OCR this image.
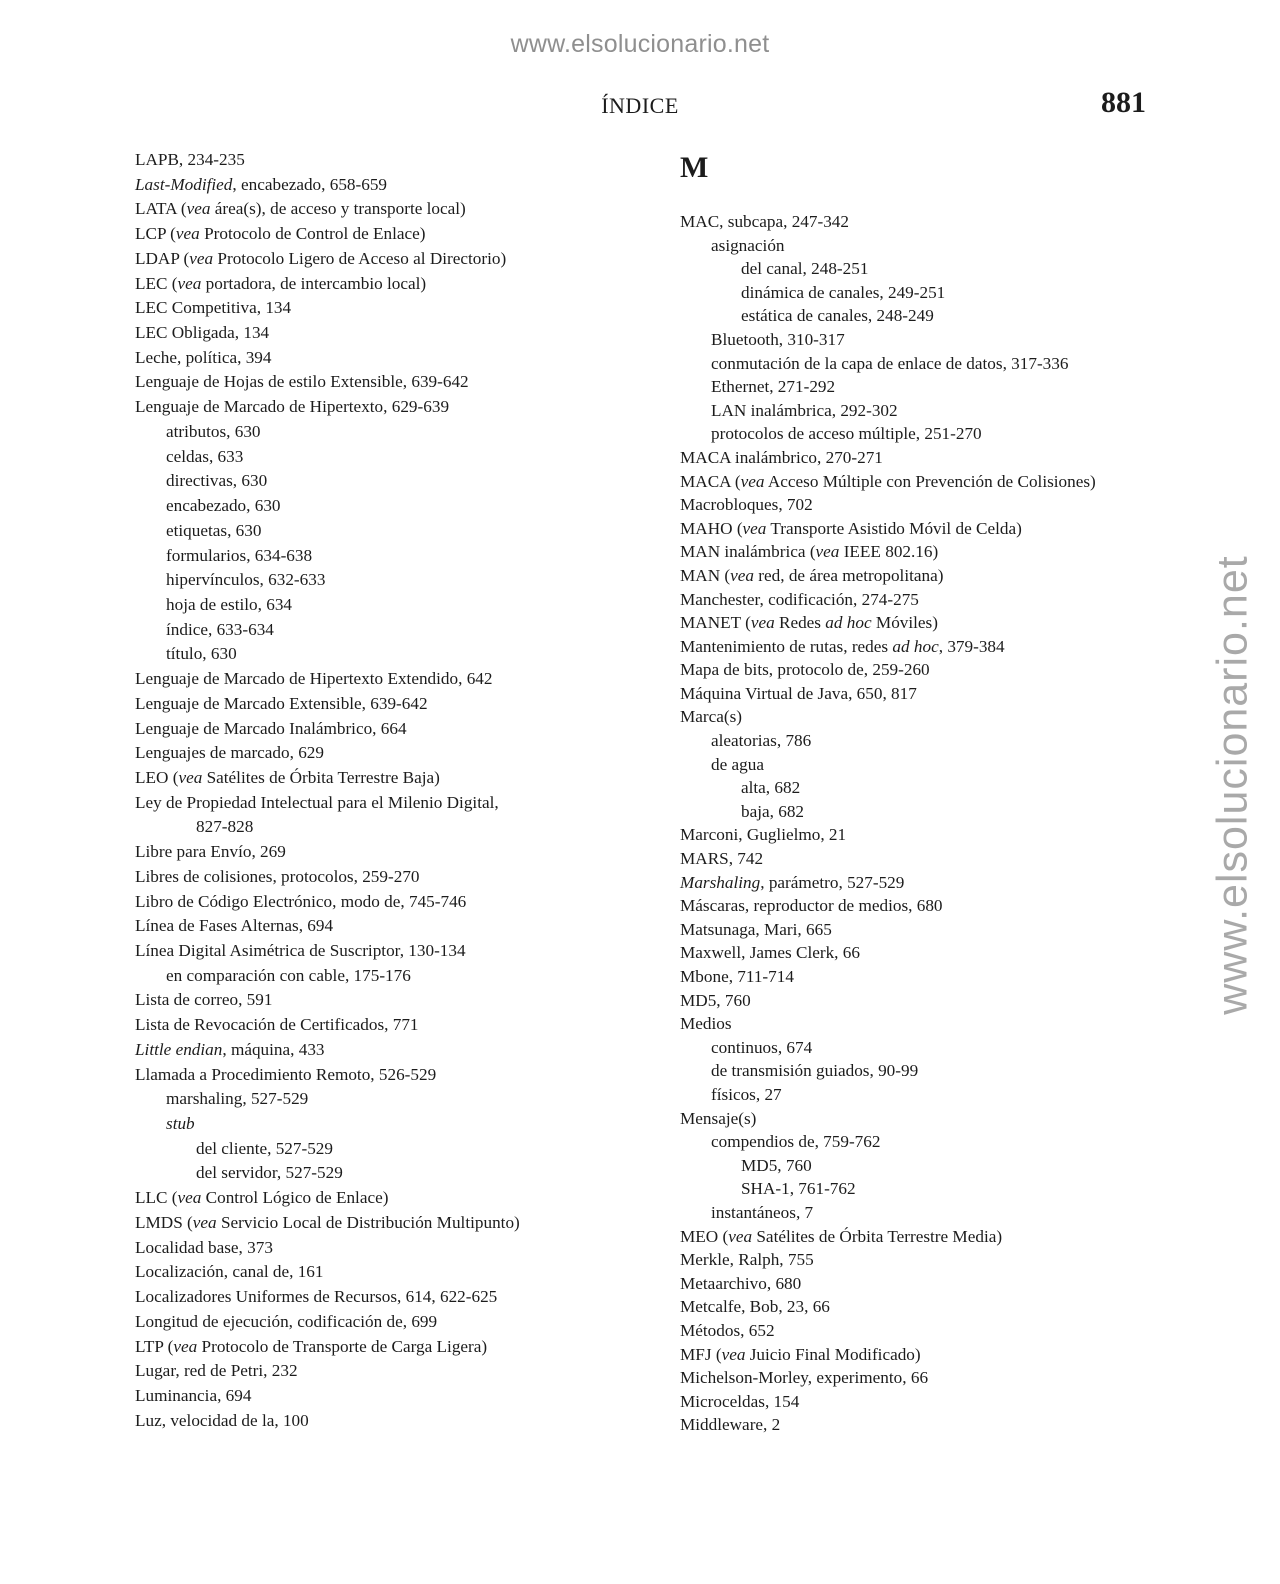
www.elsolucionario.net
www.elsolucionario.net
ÍNDICE	881
LAPB, 234-235
Last-Modified, encabezado, 658-659
LATA (vea área(s), de acceso y transporte local)
LCP (vea Protocolo de Control de Enlace)
LDAP (vea Protocolo Ligero de Acceso al Directorio)
LEC (vea portadora, de intercambio local)
LEC Competitiva, 134
LEC Obligada, 134
Leche, política, 394
Lenguaje de Hojas de estilo Extensible, 639-642
Lenguaje de Marcado de Hipertexto, 629-639
atributos, 630
celdas, 633
directivas, 630
encabezado, 630
etiquetas, 630
formularios, 634-638
hipervínculos, 632-633
hoja de estilo, 634
índice, 633-634
título, 630
Lenguaje de Marcado de Hipertexto Extendido, 642
Lenguaje de Marcado Extensible, 639-642
Lenguaje de Marcado Inalámbrico, 664
Lenguajes de marcado, 629
LEO (vea Satélites de Órbita Terrestre Baja)
Ley de Propiedad Intelectual para el Milenio Digital,
827-828
Libre para Envío, 269
Libres de colisiones, protocolos, 259-270
Libro de Código Electrónico, modo de, 745-746
Línea de Fases Alternas, 694
Línea Digital Asimétrica de Suscriptor, 130-134
en comparación con cable, 175-176
Lista de correo, 591
Lista de Revocación de Certificados, 771
Little endian, máquina, 433
Llamada a Procedimiento Remoto, 526-529
marshaling, 527-529
stub
del cliente, 527-529
del servidor, 527-529
LLC (vea Control Lógico de Enlace)
LMDS (vea Servicio Local de Distribución Multipunto)
Localidad base, 373
Localización, canal de, 161
Localizadores Uniformes de Recursos, 614, 622-625
Longitud de ejecución, codificación de, 699
LTP (vea Protocolo de Transporte de Carga Ligera)
Lugar, red de Petri, 232
Luminancia, 694
Luz, velocidad de la, 100
M
MAC, subcapa, 247-342
asignación
del canal, 248-251
dinámica de canales, 249-251
estática de canales, 248-249
Bluetooth, 310-317
conmutación de la capa de enlace de datos, 317-336
Ethernet, 271-292
LAN inalámbrica, 292-302
protocolos de acceso múltiple, 251-270
MACA inalámbrico, 270-271
MACA (vea Acceso Múltiple con Prevención de Colisiones)
Macrobloques, 702
MAHO (vea Transporte Asistido Móvil de Celda)
MAN inalámbrica (vea IEEE 802.16)
MAN (vea red, de área metropolitana)
Manchester, codificación, 274-275
MANET (vea Redes ad hoc Móviles)
Mantenimiento de rutas, redes ad hoc, 379-384
Mapa de bits, protocolo de, 259-260
Máquina Virtual de Java, 650, 817
Marca(s)
aleatorias, 786
de agua
alta, 682
baja, 682
Marconi, Guglielmo, 21
MARS, 742
Marshaling, parámetro, 527-529
Máscaras, reproductor de medios, 680
Matsunaga, Mari, 665
Maxwell, James Clerk, 66
Mbone, 711-714
MD5, 760
Medios
continuos, 674
de transmisión guiados, 90-99
físicos, 27
Mensaje(s)
compendios de, 759-762
MD5, 760
SHA-1, 761-762
instantáneos, 7
MEO (vea Satélites de Órbita Terrestre Media)
Merkle, Ralph, 755
Metaarchivo, 680
Metcalfe, Bob, 23, 66
Métodos, 652
MFJ (vea Juicio Final Modificado)
Michelson-Morley, experimento, 66
Microceldas, 154
Middleware, 2
